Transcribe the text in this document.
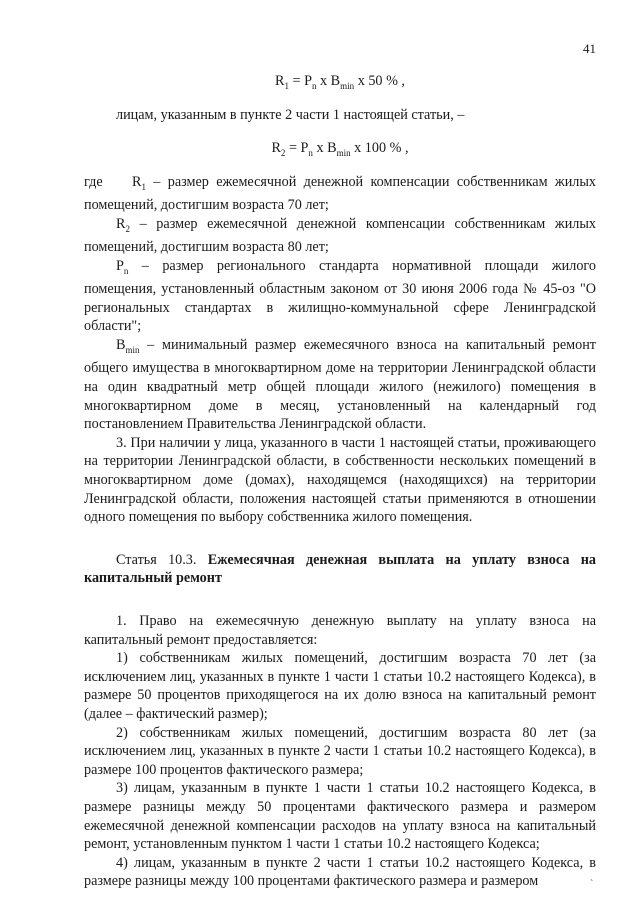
41

$R_1 = P_n$ x $B_{min}$ x 50 % ,

лицам, указанным в пункте 2 части 1 настоящей статьи, –

$R_2 = P_n$ x $B_{min}$ x 100 % ,

где $R_1$ – размер ежемесячной денежной компенсации собственникам жилых помещений, достигшим возраста 70 лет;

$R_2$ – размер ежемесячной денежной компенсации собственникам жилых помещений, достигшим возраста 80 лет;

$P_n$ – размер регионального стандарта нормативной площади жилого помещения, установленный областным законом от 30 июня 2006 года № 45-оз "О региональных стандартах в жилищно-коммунальной сфере Ленинградской области";

$B_{min}$ – минимальный размер ежемесячного взноса на капитальный ремонт общего имущества в многоквартирном доме на территории Ленинградской области на один квадратный метр общей площади жилого (нежилого) помещения в многоквартирном доме в месяц, установленный на календарный год постановлением Правительства Ленинградской области.

3. При наличии у лица, указанного в части 1 настоящей статьи, проживающего на территории Ленинградской области, в собственности нескольких помещений в многоквартирном доме (домах), находящемся (находящихся) на территории Ленинградской области, положения настоящей статьи применяются в отношении одного помещения по выбору собственника жилого помещения.

Статья 10.3. Ежемесячная денежная выплата на уплату взноса на капитальный ремонт

1. Право на ежемесячную денежную выплату на уплату взноса на капитальный ремонт предоставляется:

1) собственникам жилых помещений, достигшим возраста 70 лет (за исключением лиц, указанных в пункте 1 части 1 статьи 10.2 настоящего Кодекса), в размере 50 процентов приходящегося на их долю взноса на капитальный ремонт (далее – фактический размер);

2) собственникам жилых помещений, достигшим возраста 80 лет (за исключением лиц, указанных в пункте 2 части 1 статьи 10.2 настоящего Кодекса), в размере 100 процентов фактического размера;

3) лицам, указанным в пункте 1 части 1 статьи 10.2 настоящего Кодекса, в размере разницы между 50 процентами фактического размера и размером ежемесячной денежной компенсации расходов на уплату взноса на капитальный ремонт, установленным пунктом 1 части 1 статьи 10.2 настоящего Кодекса;

4) лицам, указанным в пункте 2 части 1 статьи 10.2 настоящего Кодекса, в размере разницы между 100 процентами фактического размера и размером	`
